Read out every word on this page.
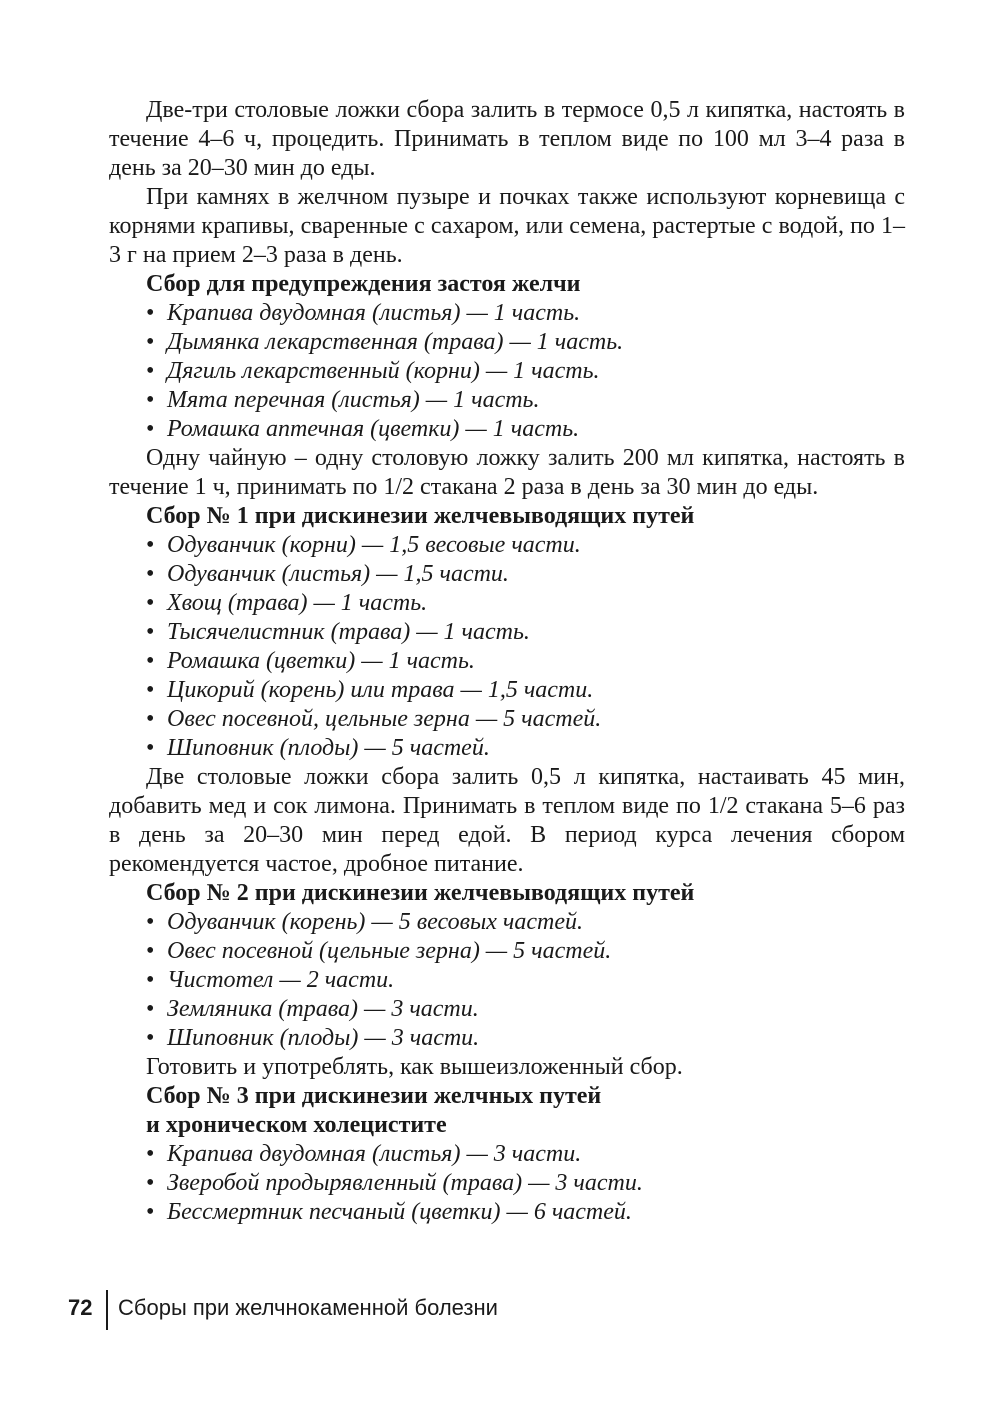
Две-три столовые ложки сбора залить в термосе 0,5 л кипятка, настоять в течение 4–6 ч, процедить. Принимать в теплом виде по 100 мл 3–4 раза в день за 20–30 мин до еды.

При камнях в желчном пузыре и почках также используют корневища с корнями крапивы, сваренные с сахаром, или семена, растертые с водой, по 1–3 г на прием 2–3 раза в день.

Сбор для предупреждения застоя желчи

• Крапива двудомная (листья) — 1 часть.
• Дымянка лекарственная (трава) — 1 часть.
• Дягиль лекарственный (корни) — 1 часть.
• Мята перечная (листья) — 1 часть.
• Ромашка аптечная (цветки) — 1 часть.

Одну чайную – одну столовую ложку залить 200 мл кипятка, настоять в течение 1 ч, принимать по 1/2 стакана 2 раза в день за 30 мин до еды.

Сбор № 1 при дискинезии желчевыводящих путей

• Одуванчик (корни) — 1,5 весовые части.
• Одуванчик (листья) — 1,5 части.
• Хвощ (трава) — 1 часть.
• Тысячелистник (трава) — 1 часть.
• Ромашка (цветки) — 1 часть.
• Цикорий (корень) или трава — 1,5 части.
• Овес посевной, цельные зерна — 5 частей.
• Шиповник (плоды) — 5 частей.

Две столовые ложки сбора залить 0,5 л кипятка, настаивать 45 мин, добавить мед и сок лимона. Принимать в теплом виде по 1/2 стакана 5–6 раз в день за 20–30 мин перед едой. В период курса лечения сбором рекомендуется частое, дробное питание.

Сбор № 2 при дискинезии желчевыводящих путей

• Одуванчик (корень) — 5 весовых частей.
• Овес посевной (цельные зерна) — 5 частей.
• Чистотел — 2 части.
• Земляника (трава) — 3 части.
• Шиповник (плоды) — 3 части.

Готовить и употреблять, как вышеизложенный сбор.

Сбор № 3 при дискинезии желчных путей

и хроническом холецистите

• Крапива двудомная (листья) — 3 части.
• Зверобой продырявленный (трава) — 3 части.
• Бессмертник песчаный (цветки) — 6 частей.
72 Сборы при желчнокаменной болезни
